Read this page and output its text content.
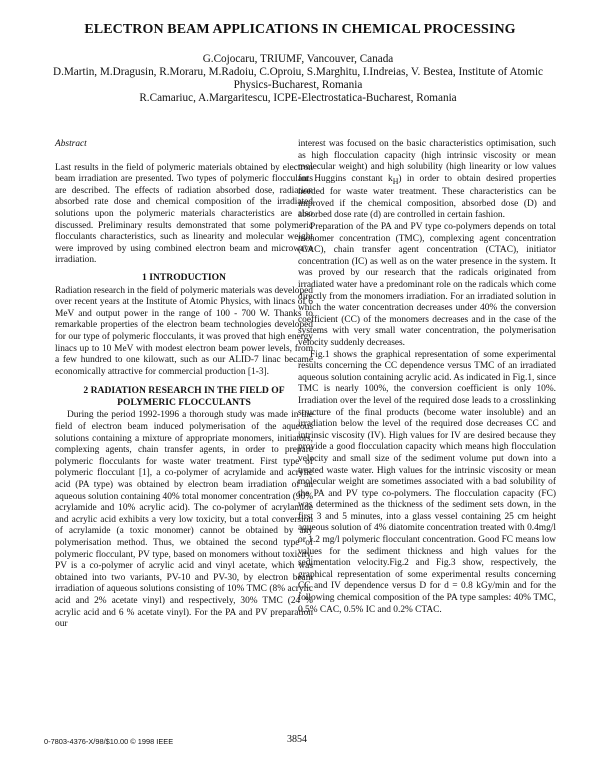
ELECTRON BEAM APPLICATIONS IN CHEMICAL PROCESSING
G.Cojocaru, TRIUMF, Vancouver, Canada
D.Martin, M.Dragusin, R.Moraru, M.Radoiu, C.Oproiu, S.Marghitu, I.Indreias, V. Bestea, Institute of Atomic Physics-Bucharest, Romania
R.Camariuc, A.Margaritescu, ICPE-Electrostatica-Bucharest, Romania

Abstract

Last results in the field of polymeric materials obtained by electron beam irradiation are presented. Two types of polymeric flocculants are described. The effects of radiation absorbed dose, radiation absorbed rate dose and chemical composition of the irradiated solutions upon the polymeric materials characteristics are also discussed. Preliminary results demonstrated that some polymeric flocculants characteristics, such as linearity and molecular weight were improved by using combined electron beam and microwave irradiation.

1 INTRODUCTION

Radiation research in the field of polymeric materials was developed over recent years at the Institute of Atomic Physics, with linacs of 6 MeV and output power in the range of 100 - 700 W. Thanks to remarkable properties of the electron beam technologies developed for our type of polymeric flocculants, it was proved that high energy linacs up to 10 MeV with modest electron beam power levels, from a few hundred to one kilowatt, such as our ALID-7 linac became economically attractive for commercial production [1-3].

2 RADIATION RESEARCH IN THE FIELD OF
POLYMERIC FLOCCULANTS

During the period 1992-1996 a thorough study was made in the field of electron beam induced polymerisation of the aqueous solutions containing a mixture of appropriate monomers, initiators, complexing agents, chain transfer agents, in order to prepare polymeric flocculants for waste water treatment. First type of polymeric flocculant [1], a co-polymer of acrylamide and acrylic acid (PA type) was obtained by electron beam irradiation of an aqueous solution containing 40% total monomer concentration (90% acrylamide and 10% acrylic acid). The co-polymer of acrylamide and acrylic acid exhibits a very low toxicity, but a total conversion of acrylamide (a toxic monomer) cannot be obtained by any polymerisation method. Thus, we obtained the second type of polymeric flocculant, PV type, based on monomers without toxicity. PV is a co-polymer of acrylic acid and vinyl acetate, which was obtained into two variants, PV-10 and PV-30, by electron beam irradiation of aqueous solutions consisting of 10% TMC (8% acrylic acid and 2% acetate vinyl) and respectively, 30% TMC (24 % acrylic acid and 6 % acetate vinyl). For the PA and PV preparation our

interest was focused on the basic characteristics optimisation, such as high flocculation capacity (high intrinsic viscosity or mean molecular weight) and high solubility (high linearity or low values for Huggins constant $k_H$) in order to obtain desired properties needed for waste water treatment. These characteristics can be improved if the chemical composition, absorbed dose (D) and absorbed dose rate (d) are controlled in certain fashion.

Preparation of the PA and PV type co-polymers depends on total monomer concentration (TMC), complexing agent concentration (CAC), chain transfer agent concentration (CTAC), initiator concentration (IC) as well as on the water presence in the system. It was proved by our research that the radicals originated from irradiated water have a predominant role on the radicals which come directly from the monomers irradiation. For an irradiated solution in which the water concentration decreases under 40% the conversion coefficient (CC) of the monomers decreases and in the case of the systems with very small water concentration, the polymerisation velocity suddenly decreases.

Fig.1 shows the graphical representation of some experimental results concerning the CC dependence versus TMC of an irradiated aqueous solution containing acrylic acid. As indicated in Fig.1, since TMC is nearly 100%, the conversion coefficient is only 10%. Irradiation over the level of the required dose leads to a crosslinking structure of the final products (become water insoluble) and an irradiation below the level of the required dose decreases CC and intrinsic viscosity (IV). High values for IV are desired because they provide a good flocculation capacity which means high flocculation velocity and small size of the sediment volume put down into a treated waste water. High values for the intrinsic viscosity or mean molecular weight are sometimes associated with a bad solubility of the PA and PV type co-polymers. The flocculation capacity (FC) was determined as the thickness of the sediment sets down, in the first 3 and 5 minutes, into a glass vessel containing 25 cm height aqueous solution of 4% diatomite concentration treated with 0.4mg/l or 1.2 mg/l polymeric flocculant concentration. Good FC means low values for the sediment thickness and high values for the sedimentation velocity.Fig.2 and Fig.3 show, respectively, the graphical representation of some experimental results concerning CC and IV dependence versus D for d = 0.8 kGy/min and for the following chemical composition of the PA type samples: 40% TMC, 0.5% CAC, 0.5% IC and 0.2% CTAC.

0-7803-4376-X/98/$10.00 © 1998 IEEE	3854
